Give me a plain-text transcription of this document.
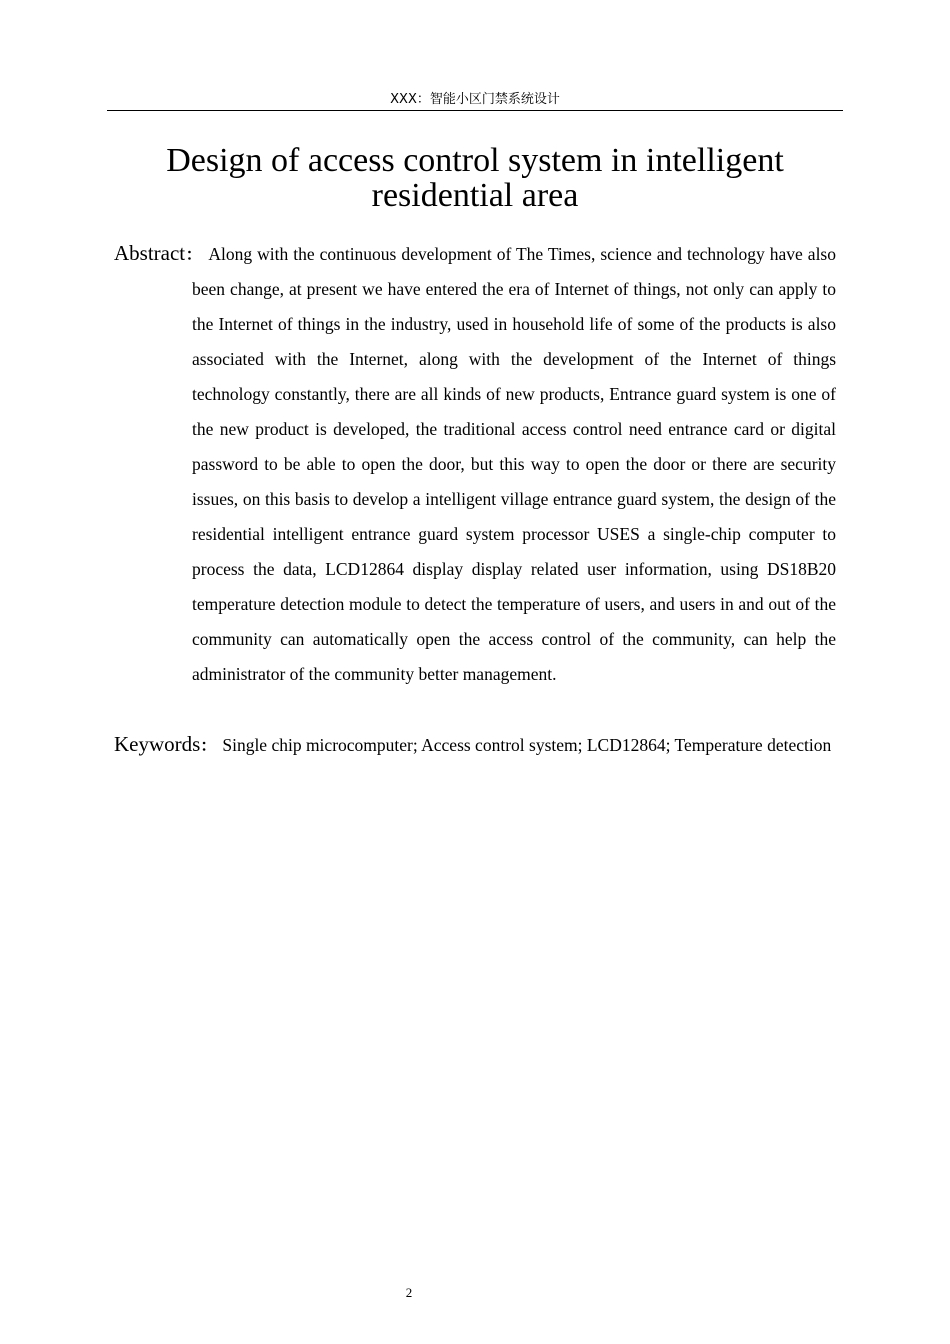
XXX：智能小区门禁系统设计
Design of access control system in intelligent residential area

Abstract： Along with the continuous development of The Times, science and technology have also been change, at present we have entered the era of Internet of things, not only can apply to the Internet of things in the industry, used in household life of some of the products is also associated with the Internet, along with the development of the Internet of things technology constantly, there are all kinds of new products, Entrance guard system is one of the new product is developed, the traditional access control need entrance card or digital password to be able to open the door, but this way to open the door or there are security issues, on this basis to develop a intelligent village entrance guard system, the design of the residential intelligent entrance guard system processor USES a single-chip computer to process the data, LCD12864 display display related user information, using DS18B20 temperature detection module to detect the temperature of users, and users in and out of the community can automatically open the access control of the community, can help the administrator of the community better management.

Keywords： Single chip microcomputer; Access control system; LCD12864; Temperature detection

2
